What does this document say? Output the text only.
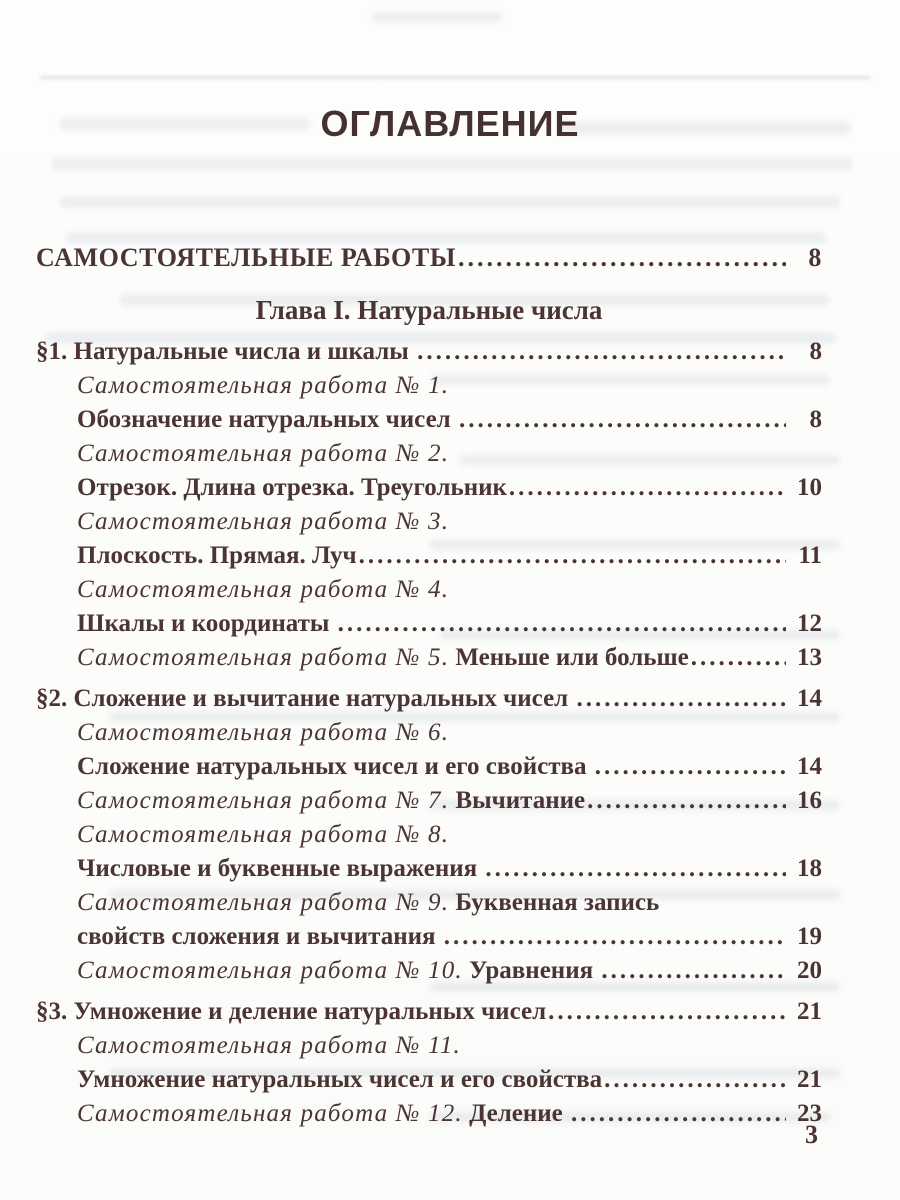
ОГЛАВЛЕНИЕ
САМОСТОЯТЕЛЬНЫЕ РАБОТЫ .....	8
Глава I. Натуральные числа
§1. Натуральные числа и шкалы .....	8
Самостоятельная работа № 1.
Обозначение натуральных чисел .....	8
Самостоятельная работа № 2.
Отрезок. Длина отрезка. Треугольник .....	10
Самостоятельная работа № 3.
Плоскость. Прямая. Луч .....	11
Самостоятельная работа № 4.
Шкалы и координаты .....	12
Самостоятельная работа № 5. Меньше или больше .....	13
§2. Сложение и вычитание натуральных чисел .....	14
Самостоятельная работа № 6.
Сложение натуральных чисел и его свойства .....	14
Самостоятельная работа № 7. Вычитание .....	16
Самостоятельная работа № 8.
Числовые и буквенные выражения .....	18
Самостоятельная работа № 9. Буквенная запись
свойств сложения и вычитания .....	19
Самостоятельная работа № 10. Уравнения .....	20
§3. Умножение и деление натуральных чисел .....	21
Самостоятельная работа № 11.
Умножение натуральных чисел и его свойства .....	21
Самостоятельная работа № 12. Деление .....	23
3
